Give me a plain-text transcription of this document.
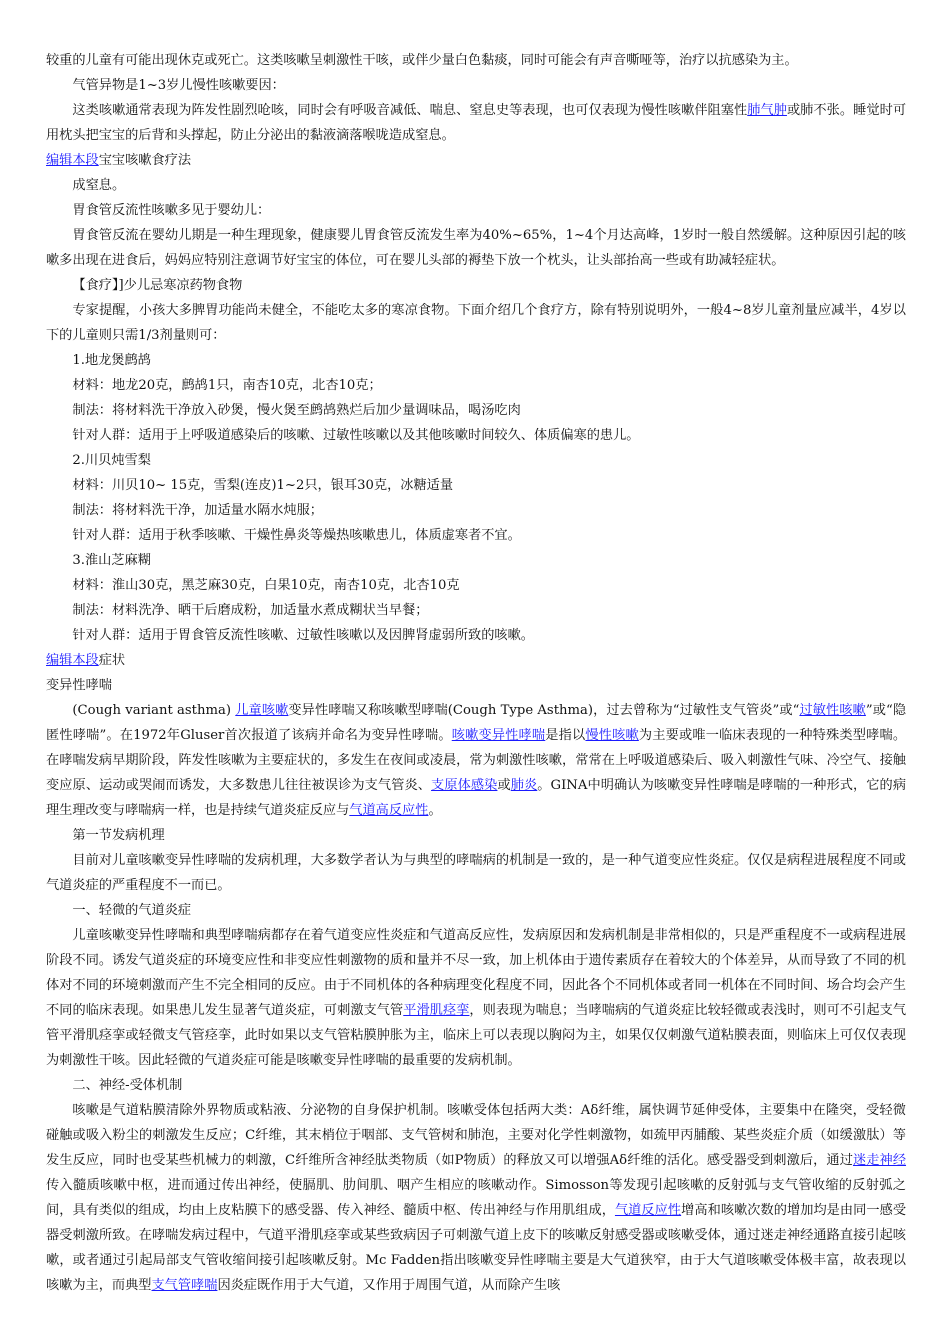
较重的儿童有可能出现休克或死亡。这类咳嗽呈刺激性干咳，或伴少量白色黏痰，同时可能会有声音嘶哑等，治疗以抗感染为主。

气管异物是1~3岁儿慢性咳嗽要因：

这类咳嗽通常表现为阵发性剧烈呛咳，同时会有呼吸音减低、喘息、窒息史等表现，也可仅表现为慢性咳嗽伴阻塞性肺气肿或肺不张。睡觉时可用枕头把宝宝的后背和头撑起，防止分泌出的黏液滴落喉咙造成窒息。

编辑本段宝宝咳嗽食疗法

成窒息。

胃食管反流性咳嗽多见于婴幼儿：

胃食管反流在婴幼儿期是一种生理现象，健康婴儿胃食管反流发生率为40%~65%，1~4个月达高峰，1岁时一般自然缓解。这种原因引起的咳嗽多出现在进食后，妈妈应特别注意调节好宝宝的体位，可在婴儿头部的褥垫下放一个枕头，让头部抬高一些或有助减轻症状。

【食疗】]少儿忌寒凉药物食物

专家提醒，小孩大多脾胃功能尚未健全，不能吃太多的寒凉食物。下面介绍几个食疗方，除有特别说明外，一般4~8岁儿童剂量应减半，4岁以下的儿童则只需1/3剂量则可：

1.地龙煲鹧鸪

材料：地龙20克，鹧鸪1只，南杏10克，北杏10克；

制法：将材料洗干净放入砂煲，慢火煲至鹧鸪熟烂后加少量调味品，喝汤吃肉

针对人群：适用于上呼吸道感染后的咳嗽、过敏性咳嗽以及其他咳嗽时间较久、体质偏寒的患儿。

2.川贝炖雪梨

材料：川贝10~ 15克，雪梨(连皮)1~2只，银耳30克，冰糖适量

制法：将材料洗干净，加适量水隔水炖服；

针对人群：适用于秋季咳嗽、干燥性鼻炎等燥热咳嗽患儿，体质虚寒者不宜。

3.淮山芝麻糊

材料：淮山30克，黑芝麻30克，白果10克，南杏10克，北杏10克

制法：材料洗净、晒干后磨成粉，加适量水煮成糊状当早餐；

针对人群：适用于胃食管反流性咳嗽、过敏性咳嗽以及因脾肾虚弱所致的咳嗽。

编辑本段症状

变异性哮喘

(Cough variant asthma) 儿童咳嗽变异性哮喘又称咳嗽型哮喘(Cough Type Asthma)，过去曾称为“过敏性支气管炎”或“过敏性咳嗽”或“隐匿性哮喘”。在1972年Gluser首次报道了该病并命名为变异性哮喘。咳嗽变异性哮喘是指以慢性咳嗽为主要或唯一临床表现的一种特殊类型哮喘。在哮喘发病早期阶段，阵发性咳嗽为主要症状的，多发生在夜间或凌晨，常为刺激性咳嗽，常常在上呼吸道感染后、吸入刺激性气味、冷空气、接触变应原、运动或哭闹而诱发，大多数患儿往往被误诊为支气管炎、支原体感染或肺炎。GINA中明确认为咳嗽变异性哮喘是哮喘的一种形式，它的病理生理改变与哮喘病一样，也是持续气道炎症反应与气道高反应性。

第一节发病机理

目前对儿童咳嗽变异性哮喘的发病机理，大多数学者认为与典型的哮喘病的机制是一致的，是一种气道变应性炎症。仅仅是病程进展程度不同或气道炎症的严重程度不一而已。

一、轻微的气道炎症

儿童咳嗽变异性哮喘和典型哮喘病都存在着气道变应性炎症和气道高反应性，发病原因和发病机制是非常相似的，只是严重程度不一或病程进展阶段不同。诱发气道炎症的环境变应性和非变应性刺激物的质和量并不尽一致，加上机体由于遗传素质存在着较大的个体差异，从而导致了不同的机体对不同的环境刺激而产生不完全相同的反应。由于不同机体的各种病理变化程度不同，因此各个不同机体或者同一机体在不同时间、场合均会产生不同的临床表现。如果患儿发生显著气道炎症，可刺激支气管平滑肌痉挛，则表现为喘息；当哮喘病的气道炎症比较轻微或表浅时，则可不引起支气管平滑肌痉挛或轻微支气管痉挛，此时如果以支气管粘膜肿胀为主，临床上可以表现以胸闷为主，如果仅仅刺激气道粘膜表面，则临床上可仅仅表现为刺激性干咳。因此轻微的气道炎症可能是咳嗽变异性哮喘的最重要的发病机制。

二、神经-受体机制

咳嗽是气道粘膜清除外界物质或粘液、分泌物的自身保护机制。咳嗽受体包括两大类：Aδ纤维，属快调节延伸受体，主要集中在隆突，受轻微碰触或吸入粉尘的刺激发生反应；C纤维，其末梢位于咽部、支气管树和肺泡，主要对化学性刺激物，如巯甲丙脯酸、某些炎症介质（如缓激肽）等发生反应，同时也受某些机械力的刺激，C纤维所含神经肽类物质（如P物质）的释放又可以增强Aδ纤维的活化。感受器受到刺激后，通过迷走神经传入髓质咳嗽中枢，进而通过传出神经，使膈肌、肋间肌、咽产生相应的咳嗽动作。Simosson等发现引起咳嗽的反射弧与支气管收缩的反射弧之间，具有类似的组成，均由上皮粘膜下的感受器、传入神经、髓质中枢、传出神经与作用肌组成，气道反应性增高和咳嗽次数的增加均是由同一感受器受刺激所致。在哮喘发病过程中，气道平滑肌痉挛或某些致病因子可刺激气道上皮下的咳嗽反射感受器或咳嗽受体，通过迷走神经通路直接引起咳嗽，或者通过引起局部支气管收缩间接引起咳嗽反射。Mc Fadden指出咳嗽变异性哮喘主要是大气道狭窄，由于大气道咳嗽受体极丰富，故表现以咳嗽为主，而典型支气管哮喘因炎症既作用于大气道，又作用于周围气道，从而除产生咳
